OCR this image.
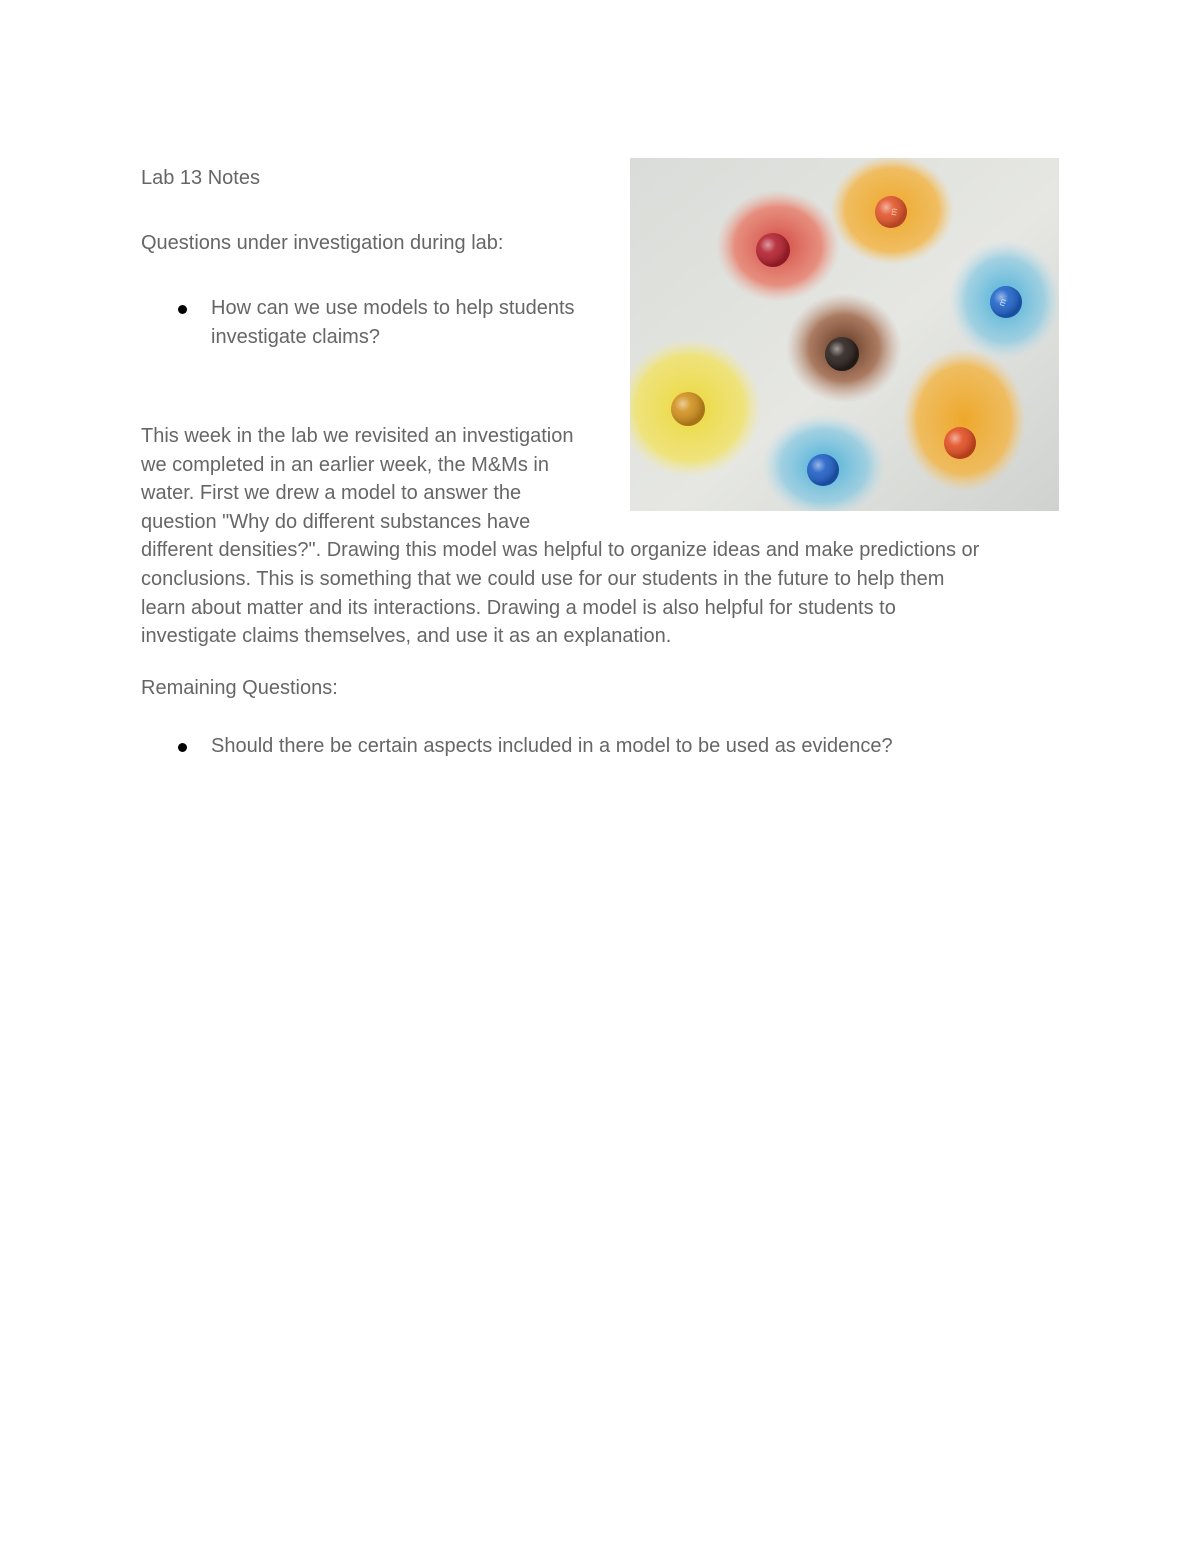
Lab 13 Notes

Questions under investigation during lab:

How can we use models to help students
investigate claims?
m
m
This week in the lab we revisited an investigation
we completed in an earlier week, the M&Ms in
water. First we drew a model to answer the
question "Why do different substances have
different densities?". Drawing this model was helpful to organize ideas and make predictions or
conclusions. This is something that we could use for our students in the future to help them
learn about matter and its interactions. Drawing a model is also helpful for students to
investigate claims themselves, and use it as an explanation.

Remaining Questions:

Should there be certain aspects included in a model to be used as evidence?
